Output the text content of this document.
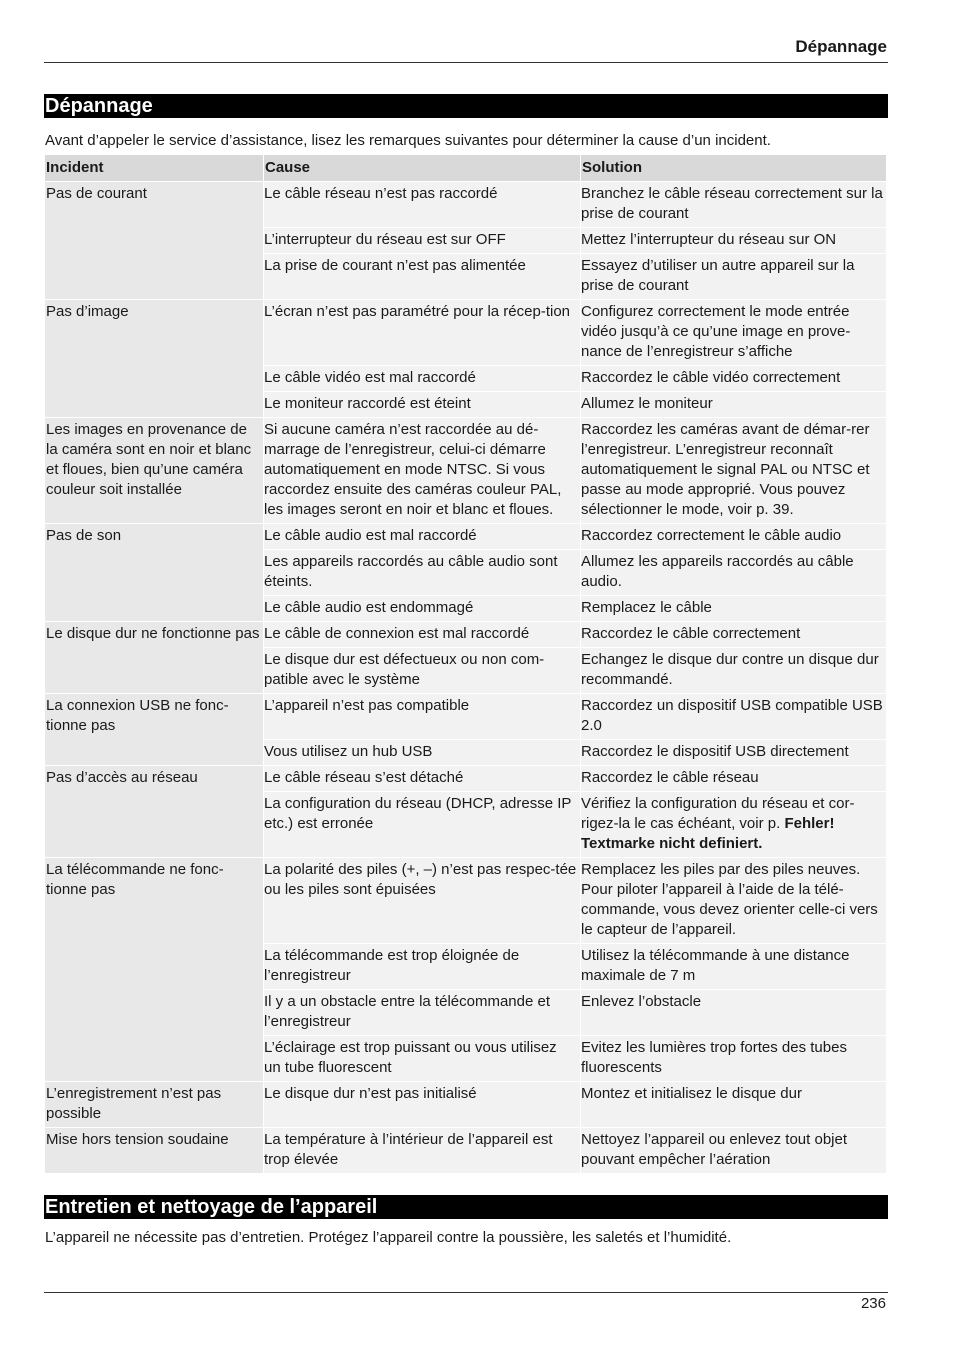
Dépannage
Dépannage
Avant d’appeler le service d’assistance, lisez les remarques suivantes pour déterminer la cause d’un incident.
Incident	Cause	Solution
Pas de courant	Le câble réseau n’est pas raccordé	Branchez le câble réseau correctement sur la prise de courant
	L’interrupteur du réseau est sur OFF	Mettez l’interrupteur du réseau sur ON
	La prise de courant n’est pas alimentée	Essayez d’utiliser un autre appareil sur la prise de courant
Pas d’image	L’écran n’est pas paramétré pour la récep-tion	Configurez correctement le mode entrée vidéo jusqu’à ce qu’une image en prove-nance de l’enregistreur s’affiche
	Le câble vidéo est mal raccordé	Raccordez le câble vidéo correctement
	Le moniteur raccordé est éteint	Allumez le moniteur
Les images en provenance de la caméra sont en noir et blanc et floues, bien qu’une caméra couleur soit installée	Si aucune caméra n’est raccordée au dé-marrage de l’enregistreur, celui-ci démarre automatiquement en mode NTSC. Si vous raccordez ensuite des caméras couleur PAL, les images seront en noir et blanc et floues.	Raccordez les caméras avant de démar-rer l’enregistreur. L’enregistreur reconnaît automatiquement le signal PAL ou NTSC et passe au mode approprié. Vous pouvez sélectionner le mode, voir p. 39.
Pas de son	Le câble audio est mal raccordé	Raccordez correctement le câble audio
	Les appareils raccordés au câble audio sont éteints.	Allumez les appareils raccordés au câble audio.
	Le câble audio est endommagé	Remplacez le câble
Le disque dur ne fonctionne pas	Le câble de connexion est mal raccordé	Raccordez le câble correctement
	Le disque dur est défectueux ou non com-patible avec le système	Echangez le disque dur contre un disque dur recommandé.
La connexion USB ne fonc-tionne pas	L’appareil n’est pas compatible	Raccordez un dispositif USB compatible USB 2.0
	Vous utilisez un hub USB	Raccordez le dispositif USB directement
Pas d’accès au réseau	Le câble réseau s’est détaché	Raccordez le câble réseau
	La configuration du réseau (DHCP, adresse IP etc.) est erronée	Vérifiez la configuration du réseau et cor-rigez-la le cas échéant, voir p. Fehler! Textmarke nicht definiert.
La télécommande ne fonc-tionne pas	La polarité des piles (+, –) n’est pas respec-tée ou les piles sont épuisées	Remplacez les piles par des piles neuves. Pour piloter l’appareil à l’aide de la télé-commande, vous devez orienter celle-ci vers le capteur de l’appareil.
	La télécommande est trop éloignée de l’enregistreur	Utilisez la télécommande à une distance maximale de 7 m
	Il y a un obstacle entre la télécommande et l’enregistreur	Enlevez l’obstacle
	L’éclairage est trop puissant ou vous utilisez un tube fluorescent	Evitez les lumières trop fortes des tubes fluorescents
L’enregistrement n’est pas possible	Le disque dur n’est pas initialisé	Montez et initialisez le disque dur
Mise hors tension soudaine	La température à l’intérieur de l’appareil est trop élevée	Nettoyez l’appareil ou enlevez tout objet pouvant empêcher l’aération
Entretien et nettoyage de l’appareil
L’appareil ne nécessite pas d’entretien. Protégez l’appareil contre la poussière, les saletés et l’humidité.
236
